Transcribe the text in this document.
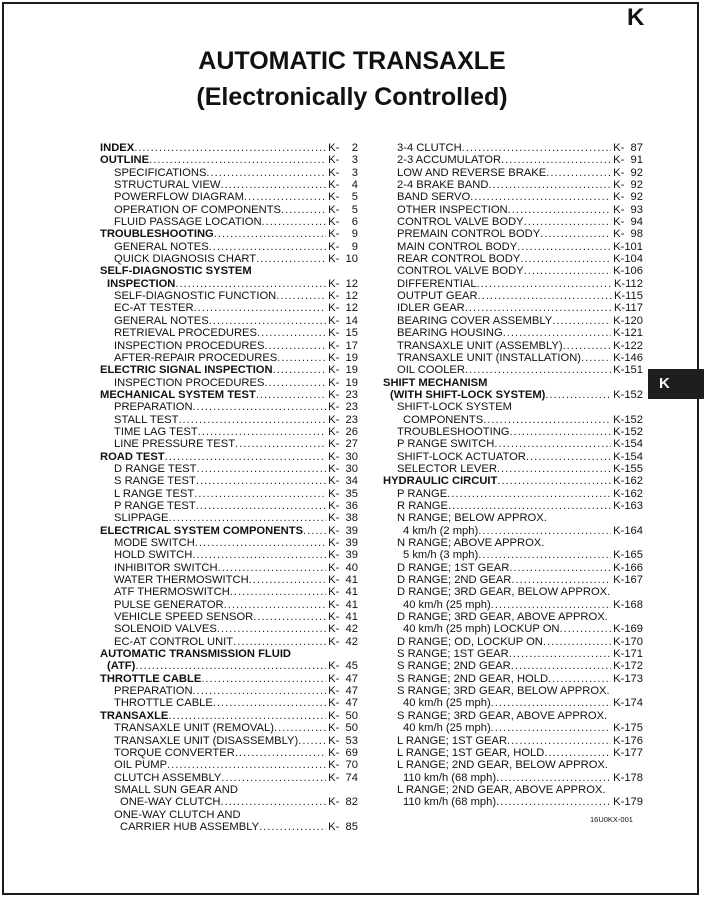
K
AUTOMATIC TRANSAXLE
(Electronically Controlled)
K
INDEX .....	K-    2
OUTLINE .....	K-    3
SPECIFICATIONS .....	K-    3
STRUCTURAL VIEW .....	K-    4
POWERFLOW DIAGRAM .....	K-    5
OPERATION OF COMPONENTS .....	K-    5
FLUID PASSAGE LOCATION .....	K-    6
TROUBLESHOOTING .....	K-    9
GENERAL NOTES .....	K-    9
QUICK DIAGNOSIS CHART .....	K-  10
SELF-DIAGNOSTIC SYSTEM
INSPECTION .....	K-  12
SELF-DIAGNOSTIC FUNCTION .....	K-  12
EC-AT TESTER .....	K-  12
GENERAL NOTES .....	K-  14
RETRIEVAL PROCEDURES .....	K-  15
INSPECTION PROCEDURES .....	K-  17
AFTER-REPAIR PROCEDURES .....	K-  19
ELECTRIC SIGNAL INSPECTION .....	K-  19
INSPECTION PROCEDURES .....	K-  19
MECHANICAL SYSTEM TEST .....	K-  23
PREPARATION .....	K-  23
STALL TEST .....	K-  23
TIME LAG TEST .....	K-  26
LINE PRESSURE TEST .....	K-  27
ROAD TEST .....	K-  30
D RANGE TEST .....	K-  30
S RANGE TEST .....	K-  34
L RANGE TEST .....	K-  35
P RANGE TEST .....	K-  36
SLIPPAGE .....	K-  38
ELECTRICAL SYSTEM COMPONENTS ..... K-  39
MODE SWITCH .....	K-  39
HOLD SWITCH .....	K-  39
INHIBITOR SWITCH .....	K-  40
WATER THERMOSWITCH .....	K-  41
ATF THERMOSWITCH .....	K-  41
PULSE GENERATOR .....	K-  41
VEHICLE SPEED SENSOR .....	K-  41
SOLENOID VALVES .....	K-  42
EC-AT CONTROL UNIT .....	K-  42
AUTOMATIC TRANSMISSION FLUID
(ATF) .....	K-  45
THROTTLE CABLE .....	K-  47
PREPARATION .....	K-  47
THROTTLE CABLE .....	K-  47
TRANSAXLE .....	K-  50
TRANSAXLE UNIT (REMOVAL) .....	K-  50
TRANSAXLE UNIT (DISASSEMBLY) .....	K-  53
TORQUE CONVERTER .....	K-  69
OIL PUMP .....	K-  70
CLUTCH ASSEMBLY .....	K-  74
SMALL SUN GEAR AND
ONE-WAY CLUTCH .....	K-  82
ONE-WAY CLUTCH AND
CARRIER HUB ASSEMBLY .....	K-  85
3-4 CLUTCH .....	K-  87
2-3 ACCUMULATOR .....	K-  91
LOW AND REVERSE BRAKE .....	K-  92
2-4 BRAKE BAND .....	K-  92
BAND SERVO .....	K-  92
OTHER INSPECTION .....	K-  93
CONTROL VALVE BODY .....	K-  94
PREMAIN CONTROL BODY .....	K-  98
MAIN CONTROL BODY .....	K-101
REAR CONTROL BODY .....	K-104
CONTROL VALVE BODY .....	K-106
DIFFERENTIAL .....	K-112
OUTPUT GEAR .....	K-115
IDLER GEAR .....	K-117
BEARING COVER ASSEMBLY .....	K-120
BEARING HOUSING .....	K-121
TRANSAXLE UNIT (ASSEMBLY) .....	K-122
TRANSAXLE UNIT (INSTALLATION) .....	K-146
OIL COOLER .....	K-151
SHIFT MECHANISM
(WITH SHIFT-LOCK SYSTEM) .....	K-152
SHIFT-LOCK SYSTEM
COMPONENTS .....	K-152
TROUBLESHOOTING .....	K-152
P RANGE SWITCH .....	K-154
SHIFT-LOCK ACTUATOR .....	K-154
SELECTOR LEVER .....	K-155
HYDRAULIC CIRCUIT .....	K-162
P RANGE .....	K-162
R RANGE .....	K-163
N RANGE; BELOW APPROX.
4 km/h (2 mph) .....	K-164
N RANGE; ABOVE APPROX.
5 km/h (3 mph) .....	K-165
D RANGE; 1ST GEAR .....	K-166
D RANGE; 2ND GEAR .....	K-167
D RANGE; 3RD GEAR, BELOW APPROX.
40 km/h (25 mph) .....	K-168
D RANGE; 3RD GEAR, ABOVE APPROX.
40 km/h (25 mph) LOCKUP ON .....	K-169
D RANGE; OD, LOCKUP ON .....	K-170
S RANGE; 1ST GEAR .....	K-171
S RANGE; 2ND GEAR .....	K-172
S RANGE; 2ND GEAR, HOLD .....	K-173
S RANGE; 3RD GEAR, BELOW APPROX.
40 km/h (25 mph) .....	K-174
S RANGE; 3RD GEAR, ABOVE APPROX.
40 km/h (25 mph) .....	K-175
L RANGE; 1ST GEAR .....	K-176
L RANGE; 1ST GEAR, HOLD .....	K-177
L RANGE; 2ND GEAR, BELOW APPROX.
110 km/h (68 mph) .....	K-178
L RANGE; 2ND GEAR, ABOVE APPROX.
110 km/h (68 mph) .....	K-179
16U0KX-001
